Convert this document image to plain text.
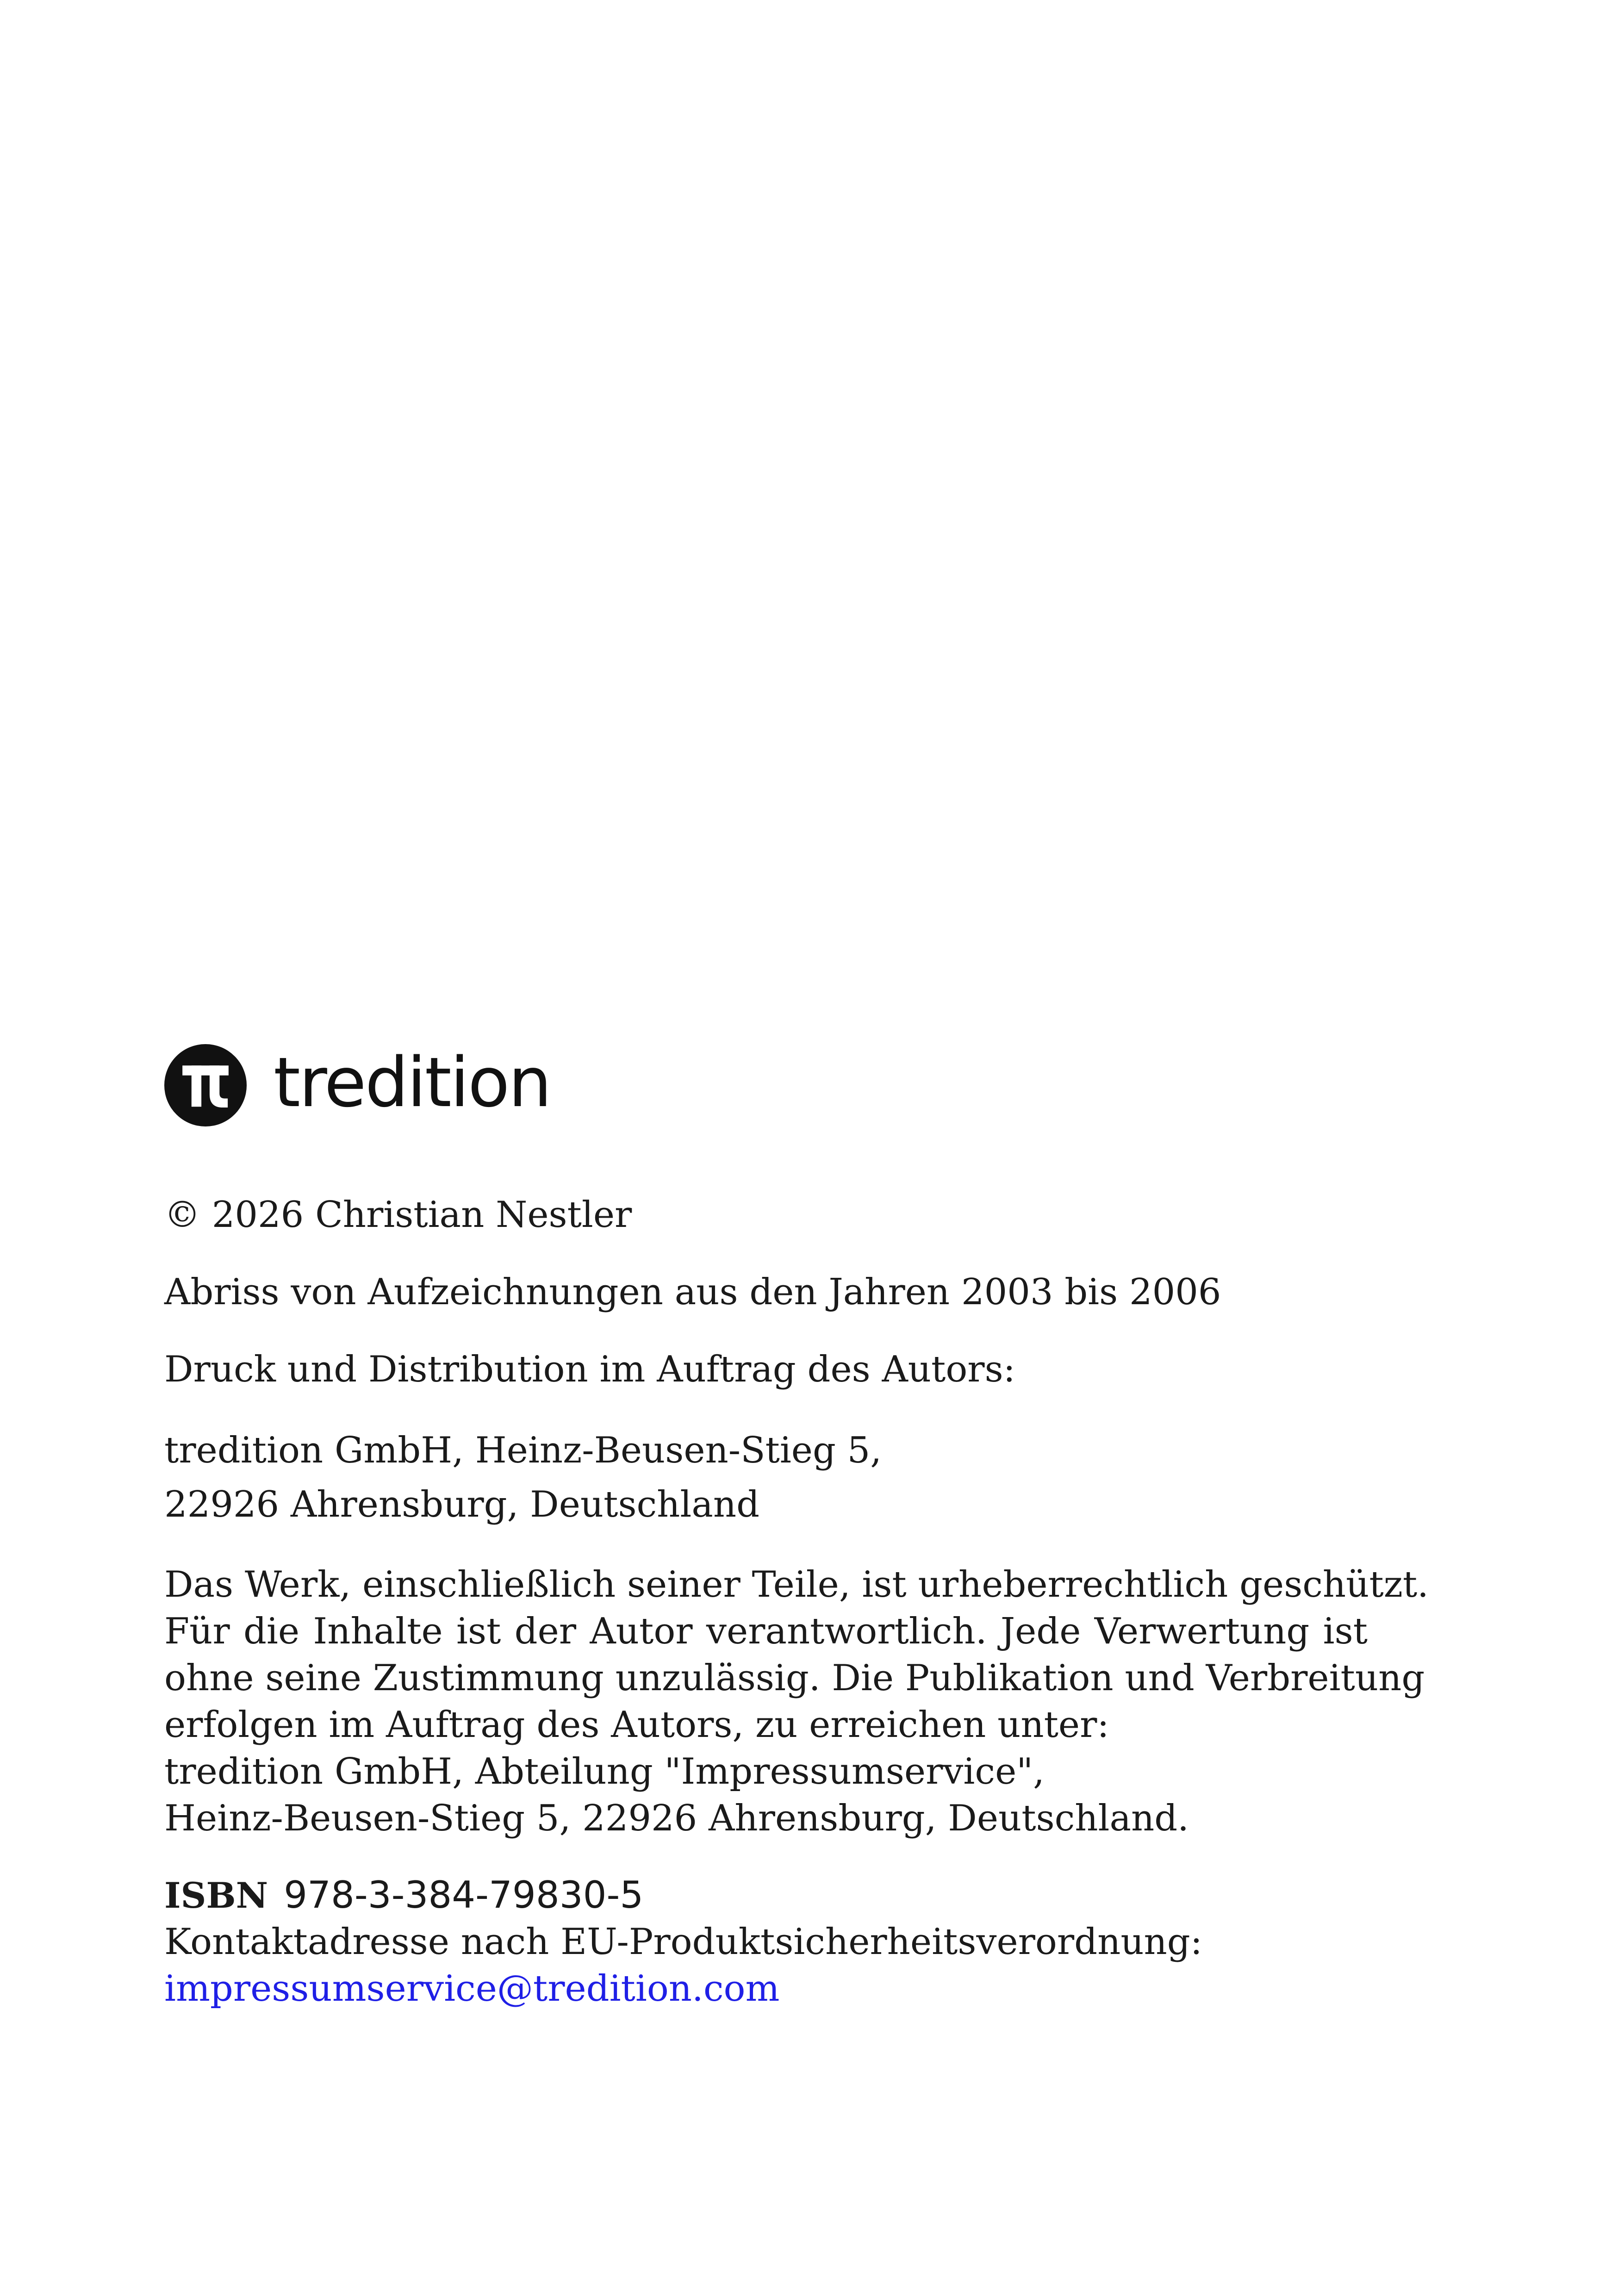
tredition
© 2026 Christian Nestler
Abriss von Aufzeichnungen aus den Jahren 2003 bis 2006
Druck und Distribution im Auftrag des Autors:
tredition GmbH, Heinz-Beusen-Stieg 5,
22926 Ahrensburg, Deutschland
Das Werk, einschließlich seiner Teile, ist urheberrechtlich geschützt.
Für die Inhalte ist der Autor verantwortlich. Jede Verwertung ist
ohne seine Zustimmung unzulässig. Die Publikation und Verbreitung
erfolgen im Auftrag des Autors, zu erreichen unter:
tredition GmbH, Abteilung "Impressumservice",
Heinz-Beusen-Stieg 5, 22926 Ahrensburg, Deutschland.
ISBN 978-3-384-79830-5
Kontaktadresse nach EU-Produktsicherheitsverordnung:
impressumservice@tredition.com
